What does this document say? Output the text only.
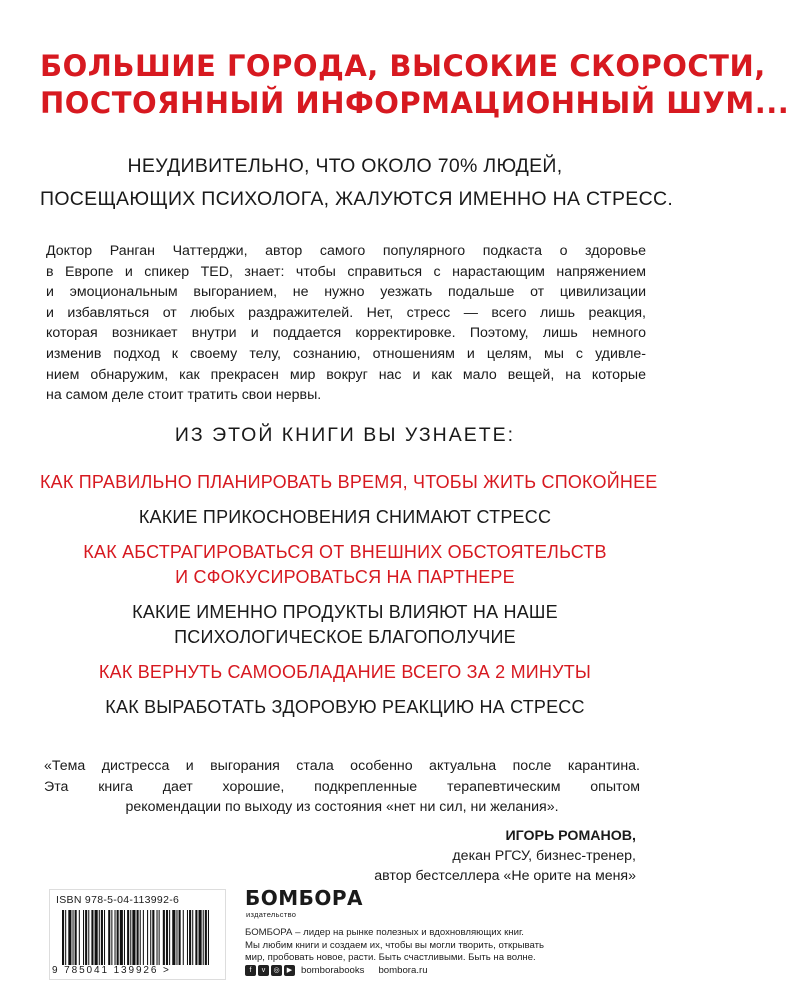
БОЛЬШИЕ ГОРОДА, ВЫСОКИЕ СКОРОСТИ,
ПОСТОЯННЫЙ ИНФОРМАЦИОННЫЙ ШУМ...
НЕУДИВИТЕЛЬНО, ЧТО ОКОЛО 70% ЛЮДЕЙ,
ПОСЕЩАЮЩИХ ПСИХОЛОГА, ЖАЛУЮТСЯ ИМЕННО НА СТРЕСС.
Доктор Ранган Чаттерджи, автор самого популярного подкаста о здоровье
в Европе и спикер TED, знает: чтобы справиться с нарастающим напряжением
и эмоциональным выгоранием, не нужно уезжать подальше от цивилизации
и избавляться от любых раздражителей. Нет, стресс — всего лишь реакция,
которая возникает внутри и поддается корректировке. Поэтому, лишь немного
изменив подход к своему телу, сознанию, отношениям и целям, мы с удивле-
нием обнаружим, как прекрасен мир вокруг нас и как мало вещей, на которые
на самом деле стоит тратить свои нервы.
ИЗ ЭТОЙ КНИГИ ВЫ УЗНАЕТЕ:
КАК ПРАВИЛЬНО ПЛАНИРОВАТЬ ВРЕМЯ, ЧТОБЫ ЖИТЬ СПОКОЙНЕЕ
КАКИЕ ПРИКОСНОВЕНИЯ СНИМАЮТ СТРЕСС
КАК АБСТРАГИРОВАТЬСЯ ОТ ВНЕШНИХ ОБСТОЯТЕЛЬСТВ
И СФОКУСИРОВАТЬСЯ НА ПАРТНЕРЕ
КАКИЕ ИМЕННО ПРОДУКТЫ ВЛИЯЮТ НА НАШЕ
ПСИХОЛОГИЧЕСКОЕ БЛАГОПОЛУЧИЕ
КАК ВЕРНУТЬ САМООБЛАДАНИЕ ВСЕГО ЗА 2 МИНУТЫ
КАК ВЫРАБОТАТЬ ЗДОРОВУЮ РЕАКЦИЮ НА СТРЕСС
«Тема дистресса и выгорания стала особенно актуальна после карантина.
Эта книга дает хорошие, подкрепленные терапевтическим опытом
рекомендации по выходу из состояния «нет ни сил, ни желания».
ИГОРЬ РОМАНОВ,
декан РГСУ, бизнес-тренер,
автор бестселлера «Не орите на меня»
ISBN 978-5-04-113992-6
9 785041 139926 >
БОМБОРА
издательство
БОМБОРА – лидер на рынке полезных и вдохновляющих книг.
Мы любим книги и создаем их, чтобы вы могли творить, открывать
мир, пробовать новое, расти. Быть счастливыми. Быть на волне.
f	v	◎	▶ bomborabooks bombora.ru
